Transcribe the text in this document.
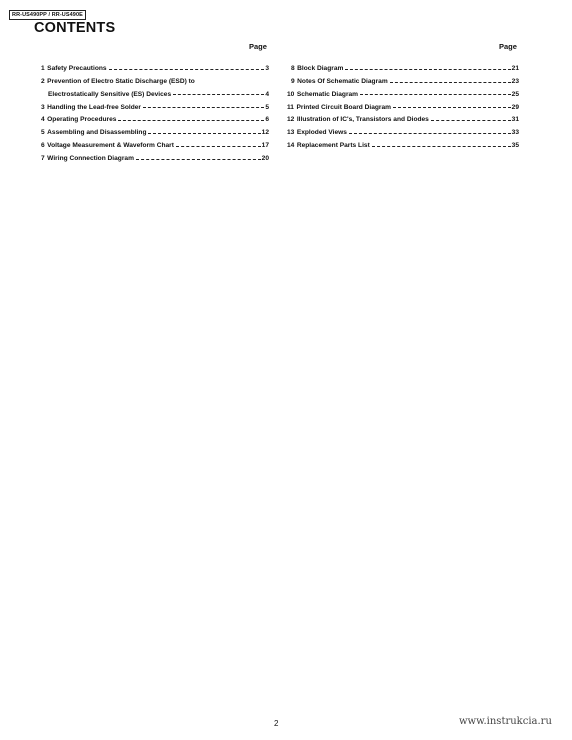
RR-US490PP / RR-US490E
CONTENTS
Page	Page
1 Safety Precautions	3
2 Prevention of Electro Static Discharge (ESD) to
Electrostatically Sensitive (ES) Devices	4
3 Handling the Lead-free Solder	5
4 Operating Procedures	6
5 Assembling and Disassembling	12
6 Voltage Measurement & Waveform Chart	17
7 Wiring Connection Diagram	20
8 Block Diagram	21
9 Notes Of Schematic Diagram	23
10 Schematic Diagram	25
11 Printed Circuit Board Diagram	29
12 Illustration of IC's, Transistors and Diodes	31
13 Exploded Views	33
14 Replacement Parts List	35
2	www.instrukcia.ru
